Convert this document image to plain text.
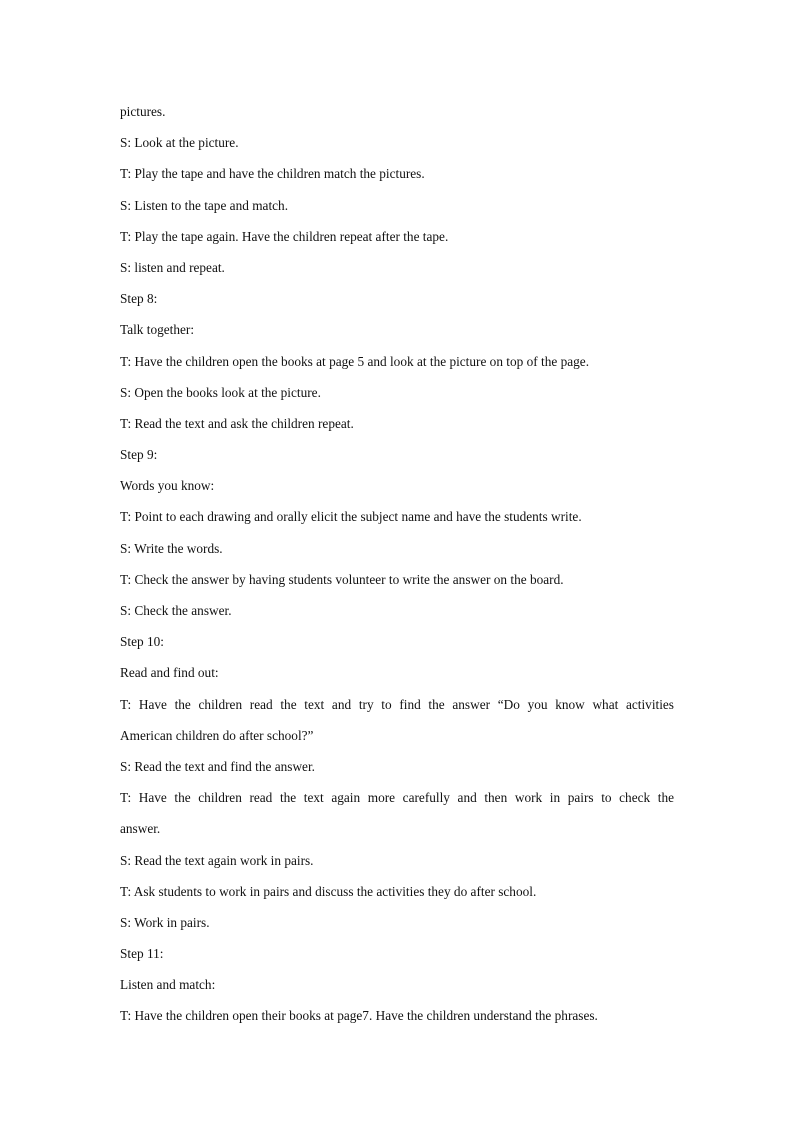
pictures.

S: Look at the picture.

T: Play the tape and have the children match the pictures.

S: Listen to the tape and match.

T: Play the tape again. Have the children repeat after the tape.

S: listen and repeat.

Step 8:

Talk together:

T: Have the children open the books at page 5 and look at the picture on top of the page.

S: Open the books look at the picture.

T: Read the text and ask the children repeat.

Step 9:

Words you know:

T: Point to each drawing and orally elicit the subject name and have the students write.

S: Write the words.

T: Check the answer by having students volunteer to write the answer on the board.

S: Check the answer.

Step 10:

Read and find out:

T: Have the children read the text and try to find the answer “Do you know what activities

American children do after school?”

S: Read the text and find the answer.

T: Have the children read the text again more carefully and then work in pairs to check the

answer.

S: Read the text again work in pairs.

T: Ask students to work in pairs and discuss the activities they do after school.

S: Work in pairs.

Step 11:

Listen and match:

T: Have the children open their books at page7. Have the children understand the phrases.
